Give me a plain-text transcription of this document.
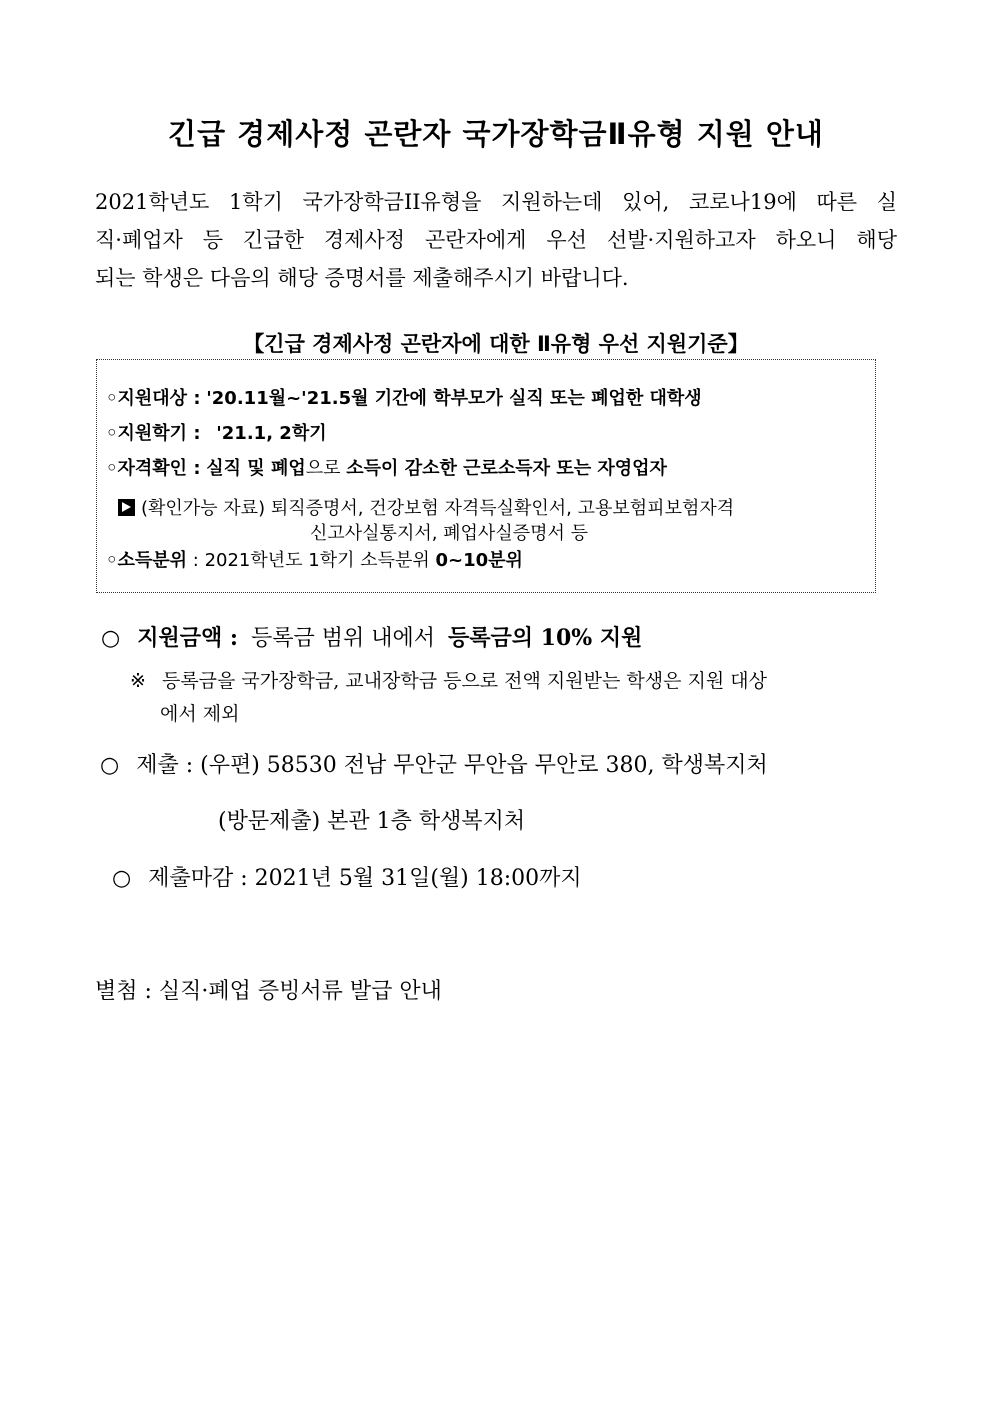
긴급 경제사정 곤란자 국가장학금Ⅱ유형 지원 안내
2021학년도 1학기 국가장학금II유형을 지원하는데 있어, 코로나19에 따른 실
직·폐업자 등 긴급한 경제사정 곤란자에게 우선 선발·지원하고자 하오니 해당
되는 학생은 다음의 해당 증명서를 제출해주시기 바랍니다.
【긴급 경제사정 곤란자에 대한 Ⅱ유형 우선 지원기준】
◦지원대상 : '20.11월~'21.5월 기간에 학부모가 실직 또는 폐업한 대학생
◦지원학기 : '21.1, 2학기
◦자격확인 : 실직 및 폐업으로 소득이 감소한 근로소득자 또는 자영업자
(확인가능 자료) 퇴직증명서, 건강보험 자격득실확인서, 고용보험피보험자격
신고사실통지서, 폐업사실증명서 등
◦소득분위 : 2021학년도 1학기 소득분위 0~10분위
○ 지원금액 : 등록금 범위 내에서 등록금의 10% 지원
※ 등록금을 국가장학금, 교내장학금 등으로 전액 지원받는 학생은 지원 대상
에서 제외
○ 제출 : (우편) 58530 전남 무안군 무안읍 무안로 380, 학생복지처
(방문제출) 본관 1층 학생복지처
○ 제출마감 : 2021년 5월 31일(월) 18:00까지
별첨 : 실직·폐업 증빙서류 발급 안내
